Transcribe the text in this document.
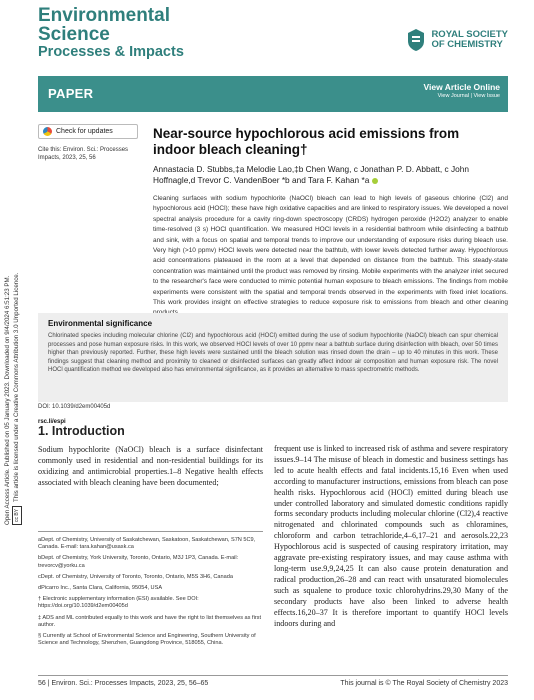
Environmental
Science
Processes & Impacts
ROYAL SOCIETY
OF CHEMISTRY
PAPER	View Article Online
View Journal | View Issue
Open Access Article. Published on 05 January 2023. Downloaded on 9/4/2024 6:51:23 PM. cc BYThis article is licensed under a Creative Commons Attribution 3.0 Unported Licence.
Check for updates
Cite this: Environ. Sci.: Processes Impacts, 2023, 25, 56
Near-source hypochlorous acid emissions from indoor bleach cleaning†
Annastacia D. Stubbs,‡a Melodie Lao,‡b Chen Wang, c Jonathan P. D. Abbatt, c John Hoffnagle,d Trevor C. VandenBoer *b and Tara F. Kahan *a
Cleaning surfaces with sodium hypochlorite (NaOCl) bleach can lead to high levels of gaseous chlorine (Cl2) and hypochlorous acid (HOCl); these have high oxidative capacities and are linked to respiratory issues. We developed a novel spectral analysis procedure for a cavity ring-down spectroscopy (CRDS) hydrogen peroxide (H2O2) analyzer to enable time-resolved (3 s) HOCl quantification. We measured HOCl levels in a residential bathroom while disinfecting a bathtub and sink, with a focus on spatial and temporal trends to improve our understanding of exposure risks during bleach use. Very high (>10 ppmv) HOCl levels were detected near the bathtub, with lower levels detected further away. Hypochlorous acid concentrations plateaued in the room at a level that depended on distance from the bathtub. This steady-state concentration was maintained until the product was removed by rinsing. Mobile experiments with the analyzer inlet secured to the researcher's face were conducted to mimic potential human exposure to bleach emissions. The findings from mobile experiments were consistent with the spatial and temporal trends observed in the experiments with fixed inlet locations. This work provides insight on effective strategies to reduce exposure risk to emissions from bleach and other cleaning
DOI: 10.1039/d2em00405d
rsc.li/espi
Environmental significance
Chlorinated species including molecular chlorine (Cl2) and hypochlorous acid (HOCl) emitted during the use of sodium hypochlorite (NaOCl) bleach can spur chemical processes and pose human exposure risks. In this work, we observed HOCl levels of over 10 ppmv near a bathtub surface during disinfection with bleach, over 50 times higher than previously reported. Further, these high levels were sustained until the bleach solution was rinsed down the drain – up to 40 minutes in this work. These findings suggest that cleaning method and proximity to cleaned or disinfected surfaces can greatly affect indoor air composition and human exposure risk. The novel HOCl quantification method we developed also has environmental significance, as it provides an alternative to mass spectrometric methods.
1. Introduction

Sodium hypochlorite (NaOCl) bleach is a surface disinfectant commonly used in residential and non-residential buildings for its oxidizing and antimicrobial properties.1–8 Negative health effects associated with bleach cleaning have been documented;

frequent use is linked to increased risk of asthma and severe respiratory issues.9–14 The misuse of bleach in domestic and business settings has led to acute health effects and fatal incidents.15,16 Even when used according to manufacturer instructions, emissions from bleach can pose health risks. Hypochlorous acid (HOCl) emitted during bleach use under controlled laboratory and simulated domestic conditions rapidly forms secondary products including molecular chlorine (Cl2),4 reactive nitrogenated and chlorinated compounds such as chloramines, chloroform and carbon tetrachloride,4–6,17–21 and aerosols.22,23 Hypochlorous acid is suspected of causing respiratory irritation, may aggravate pre-existing respiratory issues, and may cause asthma with long-term use.9,9,24,25 It can also cause protein denaturation and radical production,26–28 and can react with unsaturated biomolecules such as squalene to produce toxic chlorohydrins.29,30 Many of the secondary products have also been linked to adverse health effects.16,20–37 It is therefore important to quantify HOCl levels indoors during and

aDept. of Chemistry, University of Saskatchewan, Saskatoon, Saskatchewan, S7N 5C9, Canada. E-mail: tara.kahan@usask.ca
bDept. of Chemistry, York University, Toronto, Ontario, M3J 1P3, Canada. E-mail: trevorcv@yorku.ca
cDept. of Chemistry, University of Toronto, Toronto, Ontario, M5S 3H6, Canada
dPicarro Inc., Santa Clara, California, 95054, USA
† Electronic supplementary information (ESI) available. See DOI: https://doi.org/10.1039/d2em00405d
‡ ADS and ML contributed equally to this work and have the right to list themselves as first author.
§ Currently at School of Environmental Science and Engineering, Southern University of Science and Technology, Shenzhen, Guangdong Province, 518055, China.
56 | Environ. Sci.: Processes Impacts, 2023, 25, 56–65	This journal is © The Royal Society of Chemistry 2023
